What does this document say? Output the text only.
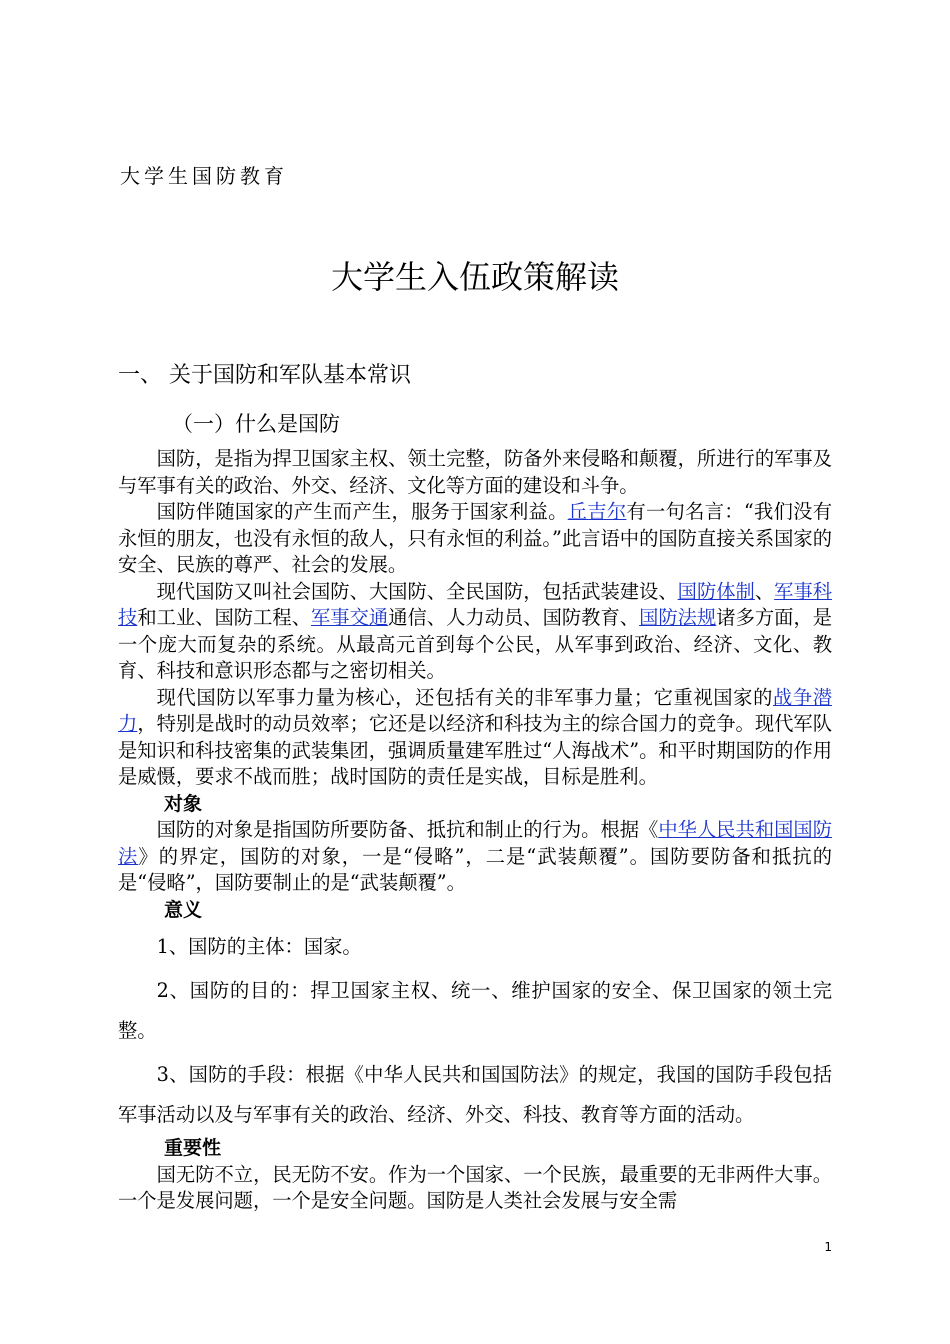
大学生国防教育
大学生入伍政策解读
一、 关于国防和军队基本常识
（一）什么是国防

国防，是指为捍卫国家主权、领土完整，防备外来侵略和颠覆，所进行的军事及与军事有关的政治、外交、经济、文化等方面的建设和斗争。

国防伴随国家的产生而产生，服务于国家利益。丘吉尔有一句名言：“我们没有永恒的朋友，也没有永恒的敌人，只有永恒的利益。”此言语中的国防直接关系国家的安全、民族的尊严、社会的发展。

现代国防又叫社会国防、大国防、全民国防，包括武装建设、国防体制、军事科技和工业、国防工程、军事交通通信、人力动员、国防教育、国防法规诸多方面，是一个庞大而复杂的系统。从最高元首到每个公民，从军事到政治、经济、文化、教育、科技和意识形态都与之密切相关。

现代国防以军事力量为核心，还包括有关的非军事力量；它重视国家的战争潜力，特别是战时的动员效率；它还是以经济和科技为主的综合国力的竞争。现代军队是知识和科技密集的武装集团，强调质量建军胜过“人海战术”。和平时期国防的作用是威慑，要求不战而胜；战时国防的责任是实战，目标是胜利。

对象

国防的对象是指国防所要防备、抵抗和制止的行为。根据《中华人民共和国国防法》的界定，国防的对象，一是“侵略”，二是“武装颠覆”。国防要防备和抵抗的是“侵略”，国防要制止的是“武装颠覆”。

意义

1、国防的主体：国家。

2、国防的目的：捍卫国家主权、统一、维护国家的安全、保卫国家的领土完整。

3、国防的手段：根据《中华人民共和国国防法》的规定，我国的国防手段包括军事活动以及与军事有关的政治、经济、外交、科技、教育等方面的活动。

重要性

国无防不立，民无防不安。作为一个国家、一个民族，最重要的无非两件大事。一个是发展问题，一个是安全问题。国防是人类社会发展与安全需

1
